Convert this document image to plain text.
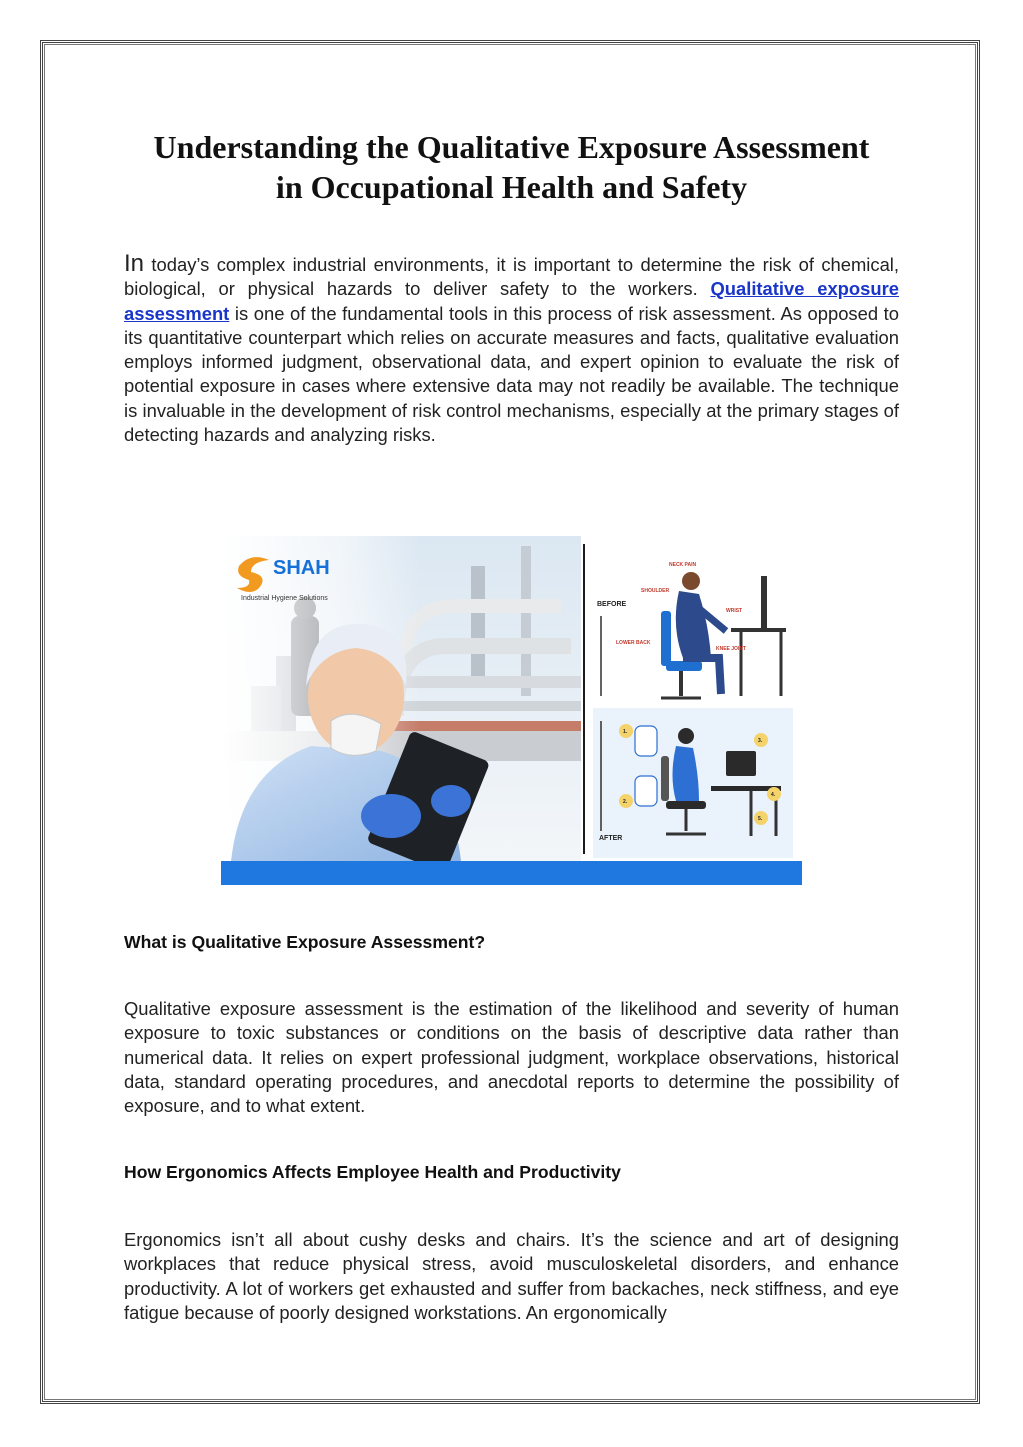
Understanding the Qualitative Exposure Assessment
in Occupational Health and Safety

In today’s complex industrial environments, it is important to determine the risk of chemical, biological, or physical hazards to deliver safety to the workers. Qualitative exposure assessment is one of the fundamental tools in this process of risk assessment. As opposed to its quantitative counterpart which relies on accurate measures and facts, qualitative evaluation employs informed judgment, observational data, and expert opinion to evaluate the risk of potential exposure in cases where extensive data may not readily be available. The technique is invaluable in the development of risk control mechanisms, especially at the primary stages of detecting hazards and analyzing risks.

SHAH
Industrial Hygiene Solutions
BEFORE
NECK PAIN
SHOULDER
WRIST
LOWER BACK
KNEE JOINT
AFTER
1.
2.
3.
4.
5.
What is Qualitative Exposure Assessment?

Qualitative exposure assessment is the estimation of the likelihood and severity of human exposure to toxic substances or conditions on the basis of descriptive data rather than numerical data. It relies on expert professional judgment, workplace observations, historical data, standard operating procedures, and anecdotal reports to determine the possibility of exposure, and to what extent.

How Ergonomics Affects Employee Health and Productivity

Ergonomics isn’t all about cushy desks and chairs. It’s the science and art of designing workplaces that reduce physical stress, avoid musculoskeletal disorders, and enhance productivity. A lot of workers get exhausted and suffer from backaches, neck stiffness, and eye fatigue because of poorly designed workstations. An ergonomically
